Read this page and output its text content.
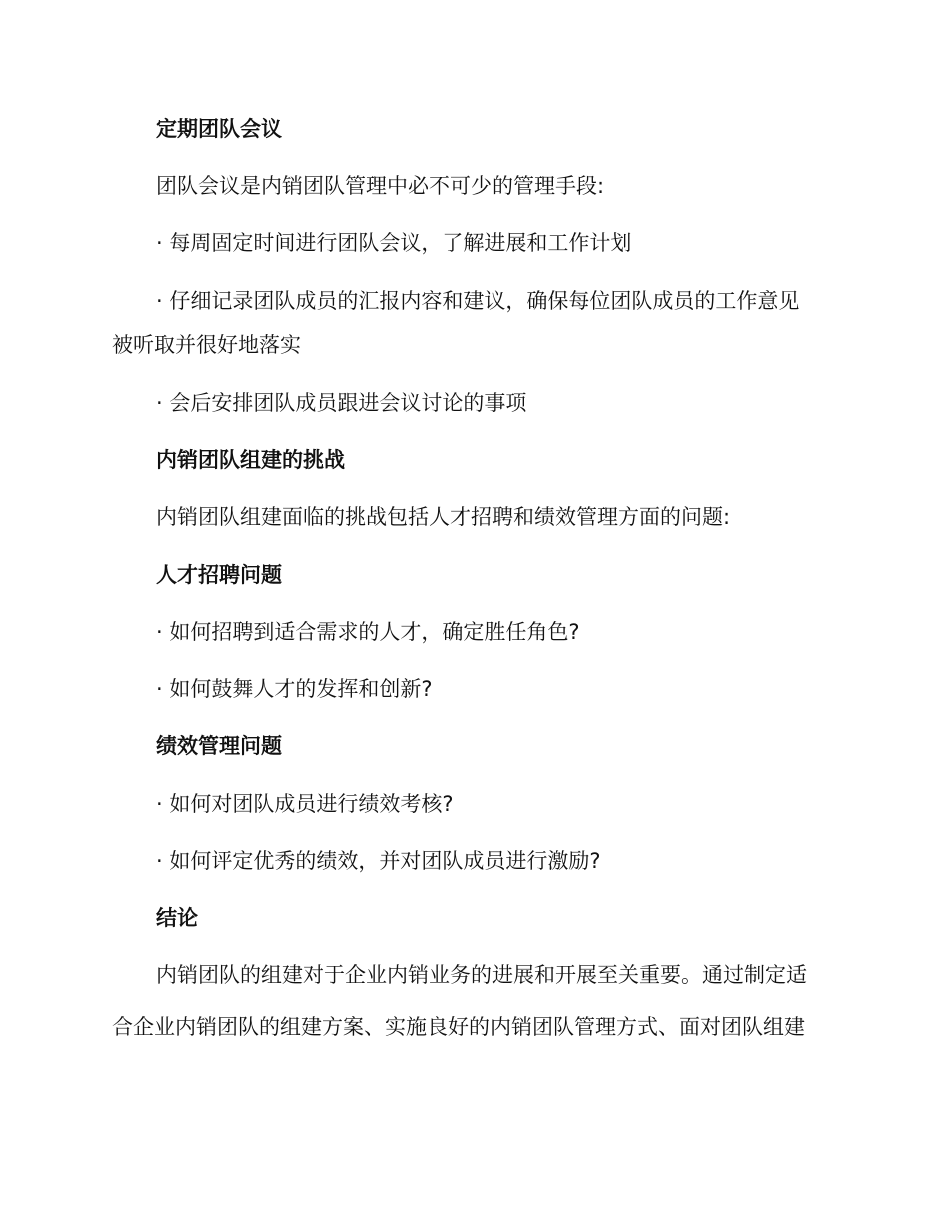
定期团队会议
团队会议是内销团队管理中必不可少的管理手段:
· 每周固定时间进行团队会议，了解进展和工作计划
· 仔细记录团队成员的汇报内容和建议，确保每位团队成员的工作意见
被听取并很好地落实
· 会后安排团队成员跟进会议讨论的事项
内销团队组建的挑战
内销团队组建面临的挑战包括人才招聘和绩效管理方面的问题:
人才招聘问题
· 如何招聘到适合需求的人才，确定胜任角色?
· 如何鼓舞人才的发挥和创新?
绩效管理问题
· 如何对团队成员进行绩效考核?
· 如何评定优秀的绩效，并对团队成员进行激励?
结论
内销团队的组建对于企业内销业务的进展和开展至关重要。通过制定适
合企业内销团队的组建方案、实施良好的内销团队管理方式、面对团队组建
